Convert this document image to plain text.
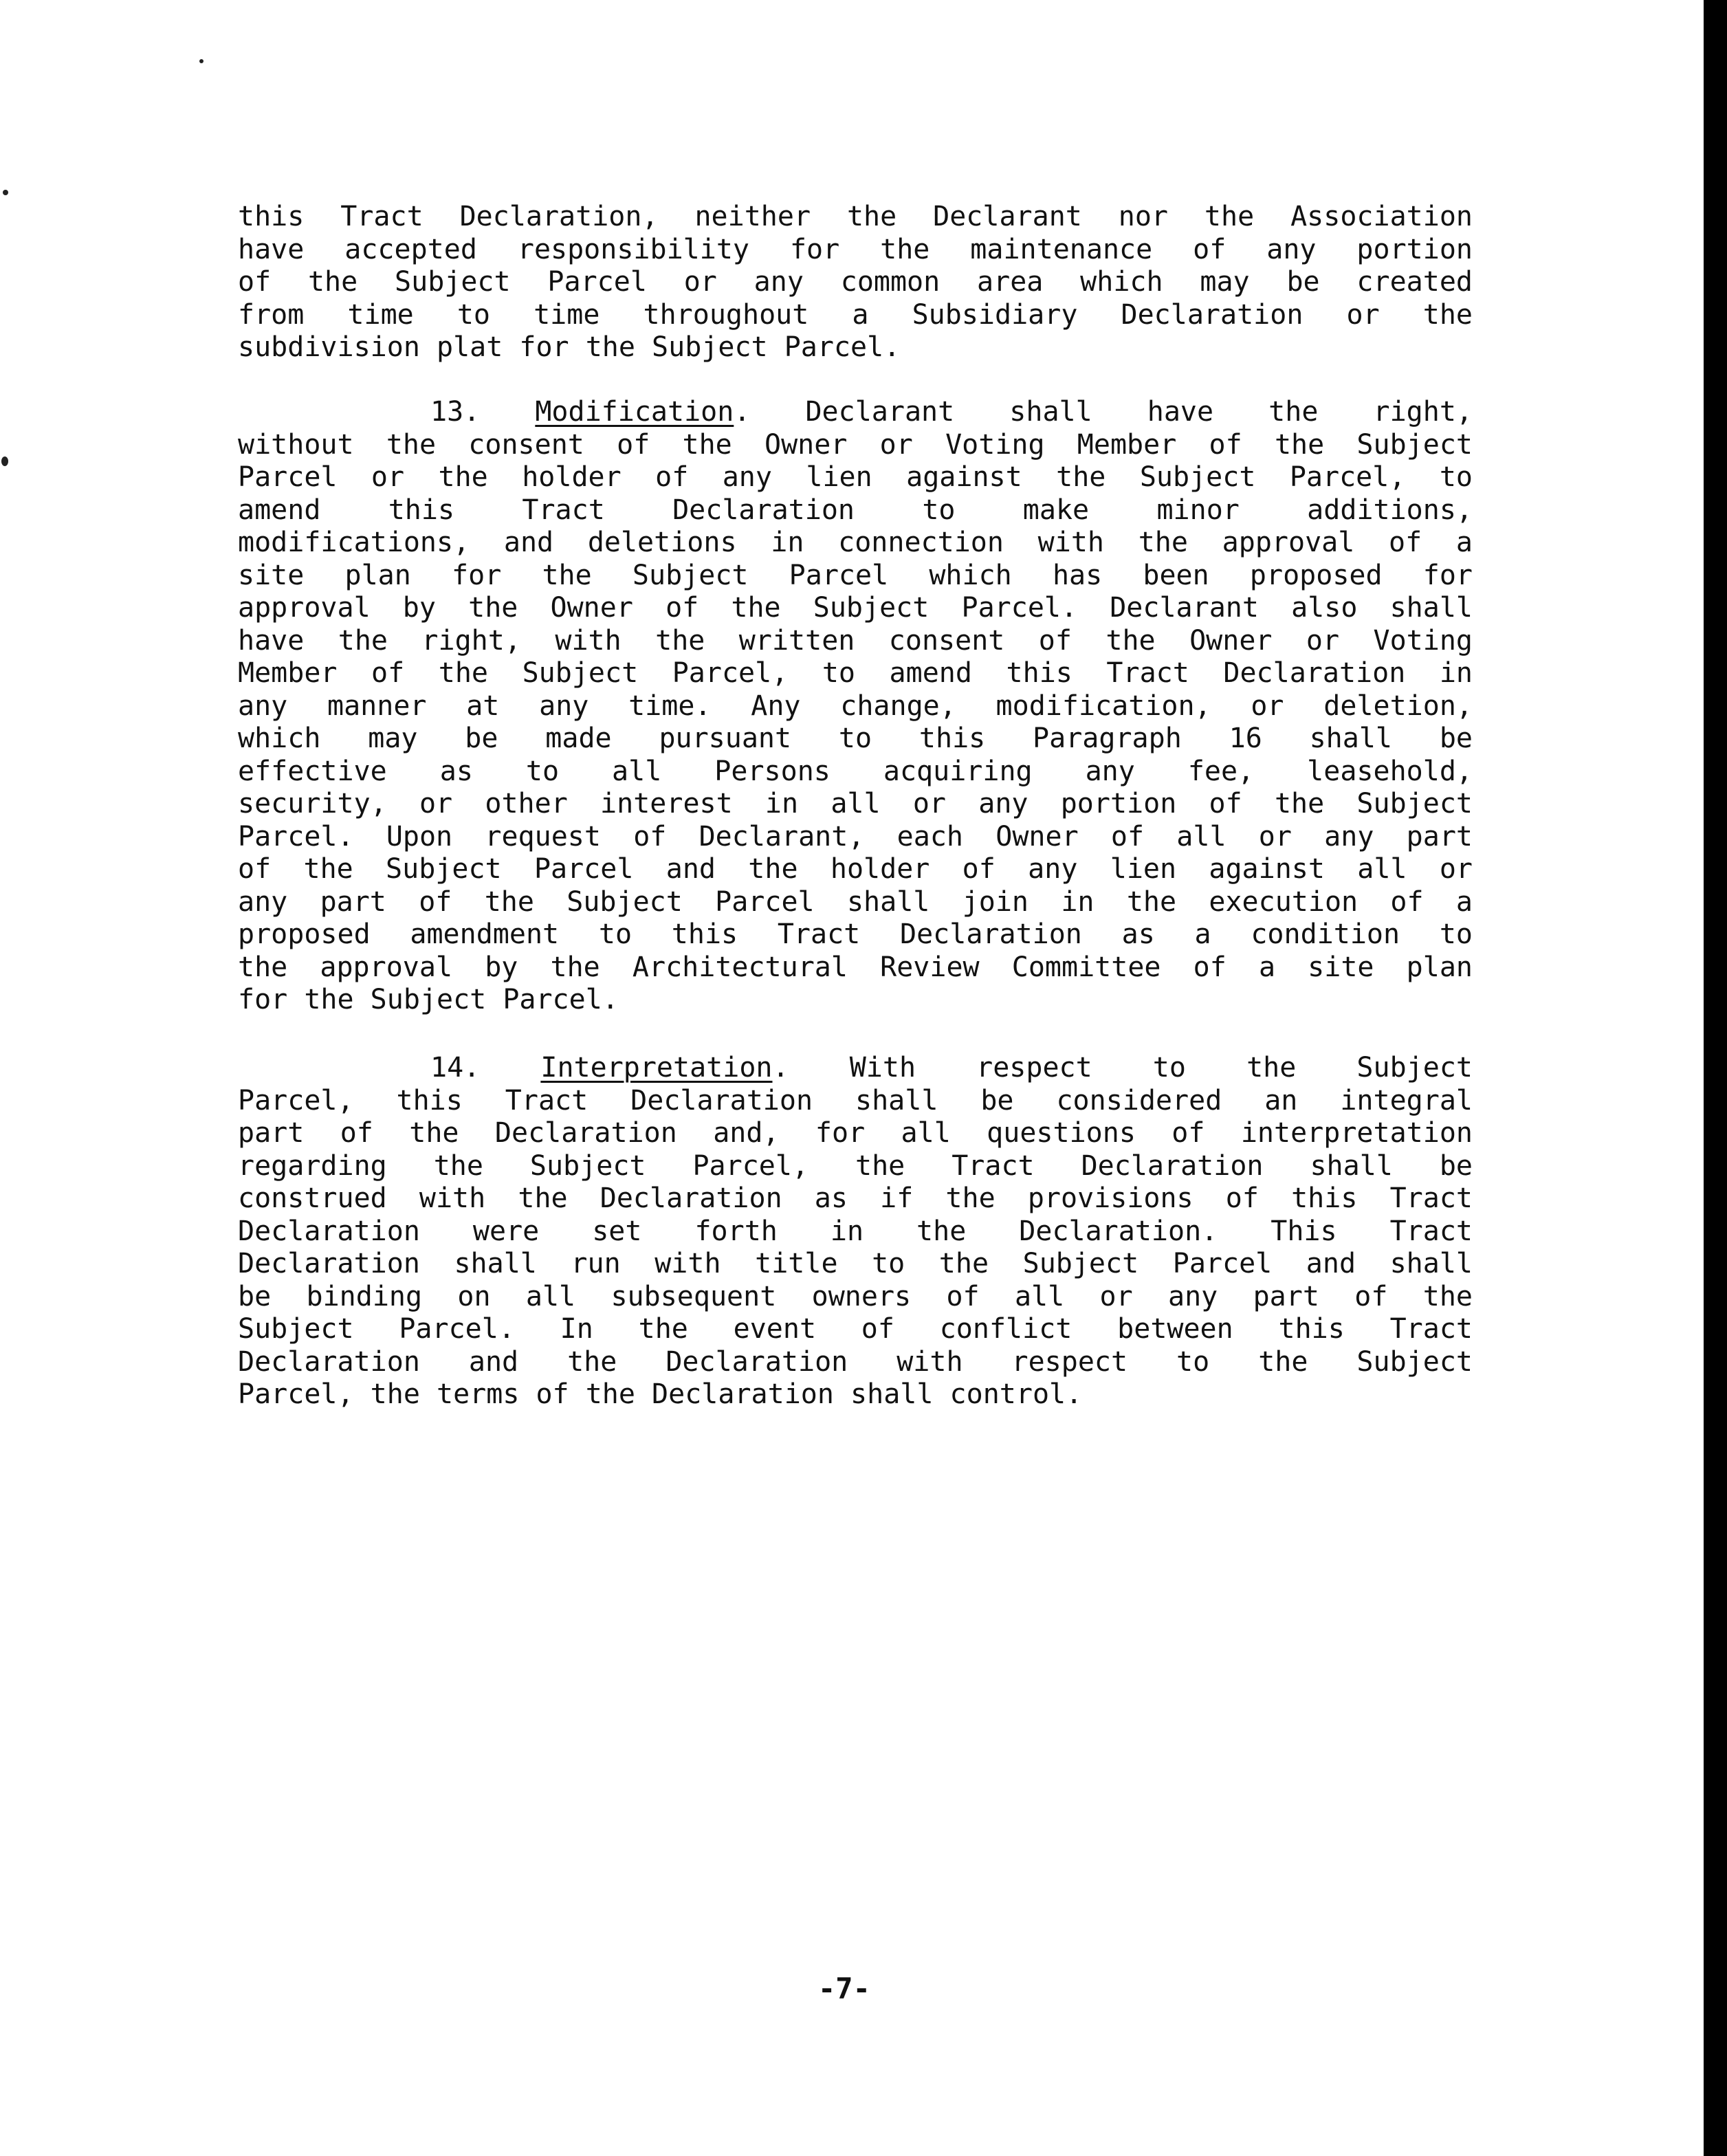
this Tract Declaration, neither the Declarant nor the Association
have accepted responsibility for the maintenance of any portion
of the Subject Parcel or any common area which may be created
from time to time throughout a Subsidiary Declaration or the
subdivision plat for the Subject Parcel.
13. Modification. Declarant shall have the right,
without the consent of the Owner or Voting Member of the Subject
Parcel or the holder of any lien against the Subject Parcel, to
amend this Tract Declaration to make minor additions,
modifications, and deletions in connection with the approval of a
site plan for the Subject Parcel which has been proposed for
approval by the Owner of the Subject Parcel. Declarant also shall
have the right, with the written consent of the Owner or Voting
Member of the Subject Parcel, to amend this Tract Declaration in
any manner at any time. Any change, modification, or deletion,
which may be made pursuant to this Paragraph 16 shall be
effective as to all Persons acquiring any fee, leasehold,
security, or other interest in all or any portion of the Subject
Parcel. Upon request of Declarant, each Owner of all or any part
of the Subject Parcel and the holder of any lien against all or
any part of the Subject Parcel shall join in the execution of a
proposed amendment to this Tract Declaration as a condition to
the approval by the Architectural Review Committee of a site plan
for the Subject Parcel.
14. Interpretation. With respect to the Subject
Parcel, this Tract Declaration shall be considered an integral
part of the Declaration and, for all questions of interpretation
regarding the Subject Parcel, the Tract Declaration shall be
construed with the Declaration as if the provisions of this Tract
Declaration were set forth in the Declaration. This Tract
Declaration shall run with title to the Subject Parcel and shall
be binding on all subsequent owners of all or any part of the
Subject Parcel. In the event of conflict between this Tract
Declaration and the Declaration with respect to the Subject
Parcel, the terms of the Declaration shall control.
-7-
